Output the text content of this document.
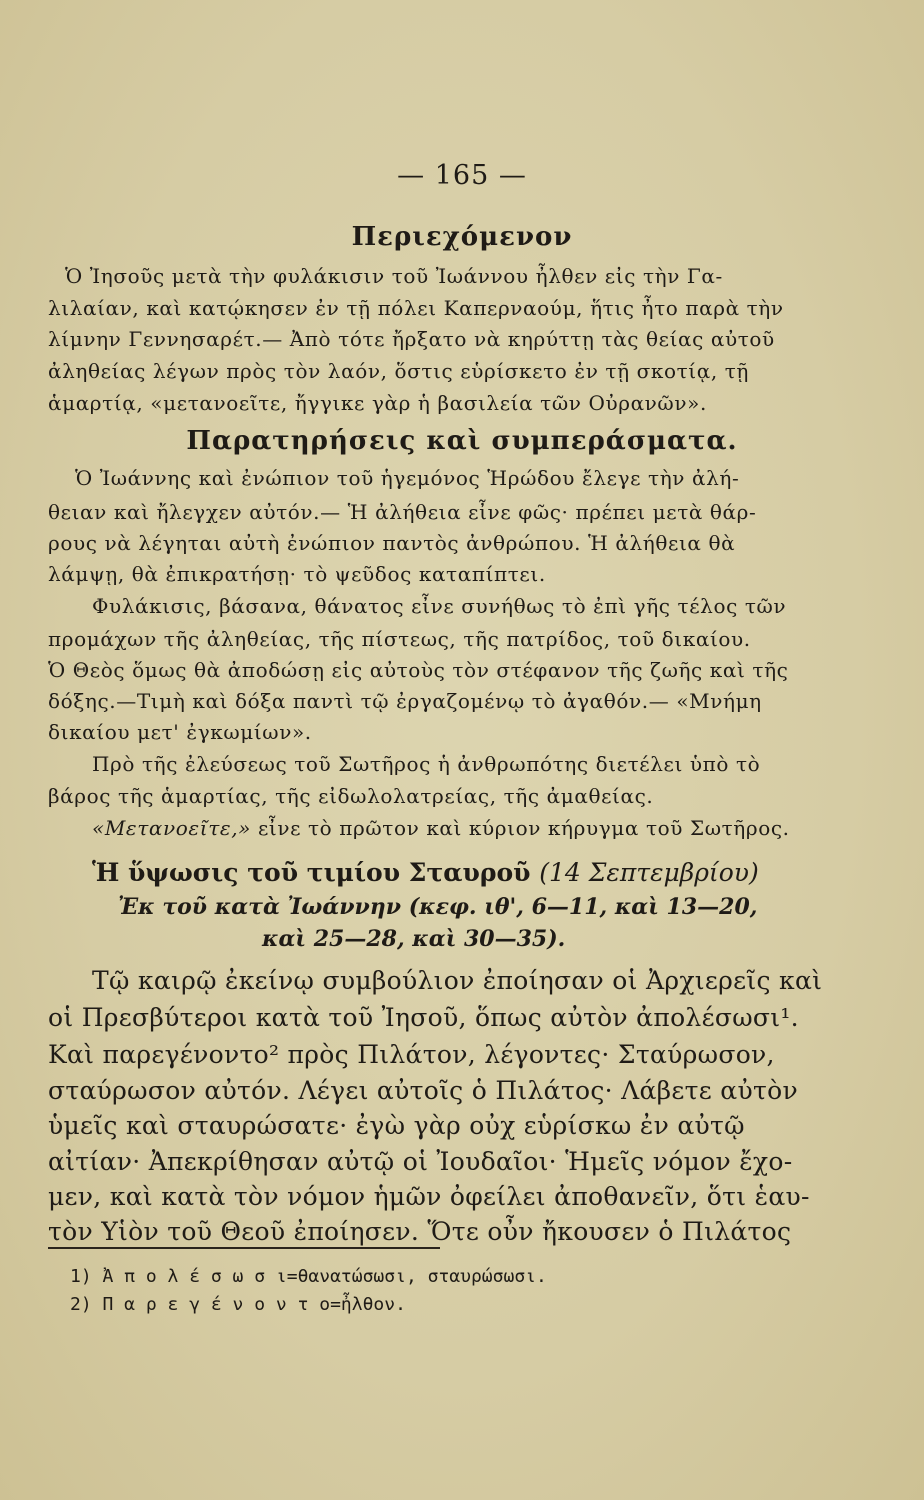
— 165 —
Περιεχόμενον
Ὁ Ἰησοῦς μετὰ τὴν φυλάκισιν τοῦ Ἰωάννου ἦλθεν εἰς τὴν Γα-
λιλαίαν, καὶ κατῴκησεν ἐν τῇ πόλει Καπερναούμ, ἥτις ἦτο παρὰ τὴν
λίμνην Γεννησαρέτ.— Ἀπὸ τότε ἤρξατο νὰ κηρύττῃ τὰς θείας αὐτοῦ
ἀληθείας λέγων πρὸς τὸν λαόν, ὅστις εὑρίσκετο ἐν τῇ σκοτίᾳ, τῇ
ἁμαρτίᾳ, «μετανοεῖτε, ἤγγικε γὰρ ἡ βασιλεία τῶν Οὐρανῶν».
Παρατηρήσεις καὶ συμπεράσματα.
Ὁ Ἰωάννης καὶ ἐνώπιον τοῦ ἡγεμόνος Ἡρώδου ἔλεγε τὴν ἀλή-
θειαν καὶ ἤλεγχεν αὐτόν.— Ἡ ἀλήθεια εἶνε φῶς· πρέπει μετὰ θάρ-
ρους νὰ λέγηται αὐτὴ ἐνώπιον παντὸς ἀνθρώπου. Ἡ ἀλήθεια θὰ
λάμψῃ, θὰ ἐπικρατήσῃ· τὸ ψεῦδος καταπίπτει.
Φυλάκισις, βάσανα, θάνατος εἶνε συνήθως τὸ ἐπὶ γῆς τέλος τῶν
προμάχων τῆς ἀληθείας, τῆς πίστεως, τῆς πατρίδος, τοῦ δικαίου.
Ὁ Θεὸς ὅμως θὰ ἀποδώσῃ εἰς αὐτοὺς τὸν στέφανον τῆς ζωῆς καὶ τῆς
δόξης.—Τιμὴ καὶ δόξα παντὶ τῷ ἐργαζομένῳ τὸ ἀγαθόν.— «Μνήμη
δικαίου μετ' ἐγκωμίων».
Πρὸ τῆς ἐλεύσεως τοῦ Σωτῆρος ἡ ἀνθρωπότης διετέλει ὑπὸ τὸ
βάρος τῆς ἁμαρτίας, τῆς εἰδωλολατρείας, τῆς ἀμαθείας.
«Μετανοεῖτε,» εἶνε τὸ πρῶτον καὶ κύριον κήρυγμα τοῦ Σωτῆρος.
Ἡ ὕψωσις τοῦ τιμίου Σταυροῦ (14 Σεπτεμβρίου)
Ἐκ τοῦ κατὰ Ἰωάννην (κεφ. ιθ', 6—11, καὶ 13—20,
καὶ 25—28, καὶ 30—35).
Τῷ καιρῷ ἐκείνῳ συμβούλιον ἐποίησαν οἱ Ἀρχιερεῖς καὶ
οἱ Πρεσβύτεροι κατὰ τοῦ Ἰησοῦ, ὅπως αὐτὸν ἀπολέσωσι¹.
Καὶ παρεγένοντο² πρὸς Πιλάτον, λέγοντες· Σταύρωσον,
σταύρωσον αὐτόν. Λέγει αὐτοῖς ὁ Πιλάτος· Λάβετε αὐτὸν
ὑμεῖς καὶ σταυρώσατε· ἐγὼ γὰρ οὐχ εὑρίσκω ἐν αὐτῷ
αἰτίαν· Ἀπεκρίθησαν αὐτῷ οἱ Ἰουδαῖοι· Ἡμεῖς νόμον ἔχο-
μεν, καὶ κατὰ τὸν νόμον ἡμῶν ὀφείλει ἀποθανεῖν, ὅτι ἑαυ-
τὸν Υἱὸν τοῦ Θεοῦ ἐποίησεν. Ὅτε οὖν ἤκουσεν ὁ Πιλάτος
1) Ἀ π ο λ έ σ ω σ ι=θανατώσωσι, σταυρώσωσι.
2) Π α ρ ε γ έ ν ο ν τ ο=ἦλθον.
